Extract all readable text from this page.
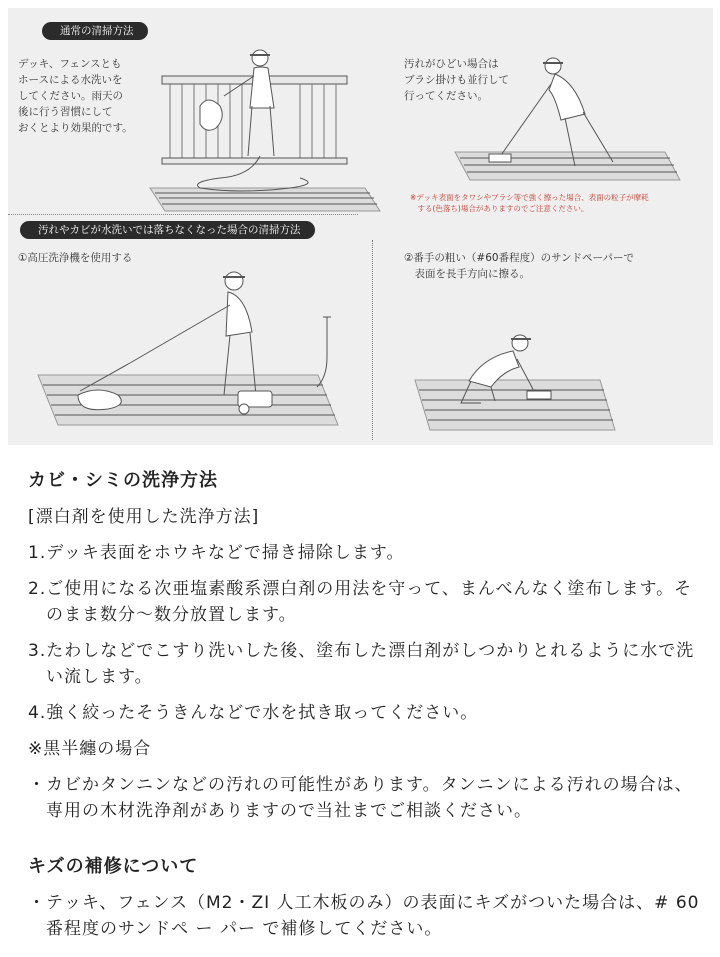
通常の清掃方法
汚れやカビが水洗いでは落ちなくなった場合の清掃方法
デッキ、フェンスとも
ホースによる水洗いを
してください。雨天の
後に行う習慣にして
おくとより効果的です。
汚れがひどい場合は
ブラシ掛けも並行して
行ってください。
※デッキ表面をタワシやブラシ等で強く擦った場合、表面の粒子が摩耗
　する(色落ち)場合がありますのでご注意ください。
①高圧洗浄機を使用する	②番手の粗い（#60番程度）のサンドペーパーで
　表面を長手方向に擦る。
カビ・シミの洗浄方法
[漂白剤を使用した洗浄方法]
1.デッキ表面をホウキなどで掃き掃除します。
2.ご使用になる次亜塩素酸系漂白剤の用法を守って、まんべんなく塗布します。そのまま数分〜数分放置します。
3.たわしなどでこすり洗いした後、塗布した漂白剤がしつかりとれるように水で洗い流します。
4.強く絞ったそうきんなどで水を拭き取ってください。
※黒半纏の場合
・カビかタンニンなどの汚れの可能性があります。タンニンによる汚れの場合は、専用の木材洗浄剤がありますので当社までご相談ください。
キズの補修について
・テッキ、フェンス（M2・ZI 人工木板のみ）の表面にキズがついた場合は、# 60 番程度のサンドペ ー パー で補修してください。
